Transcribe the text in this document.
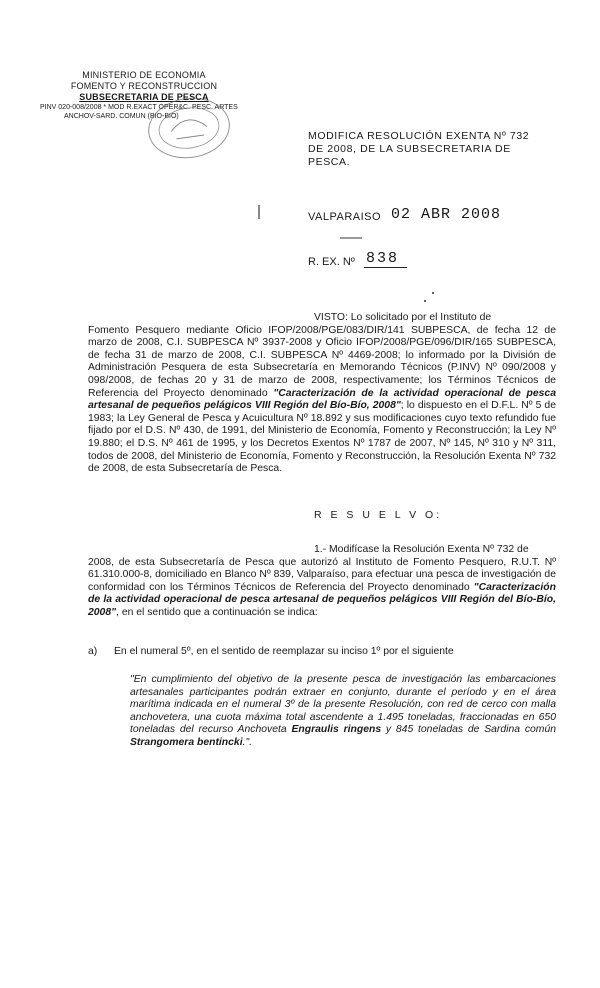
MINISTERIO DE ECONOMIA
FOMENTO Y RECONSTRUCCION
SUBSECRETARIA DE PESCA
PINV 020-008/2008 * MOD R.EXACT OPER&C. PESC. ARTES
ANCHOV-SARD. COMUN (BIO-BIO)
MODIFICA RESOLUCIÓN EXENTA Nº 732
DE 2008, DE LA SUBSECRETARIA DE
PESCA.
VALPARAISO 02 ABR 2008
R. EX. Nº 838
VISTO: Lo solicitado por el Instituto de
Fomento Pesquero mediante Oficio IFOP/2008/PGE/083/DIR/141 SUBPESCA, de fecha 12 de marzo de 2008, C.I. SUBPESCA Nº 3937-2008 y Oficio IFOP/2008/PGE/096/DIR/165 SUBPESCA, de fecha 31 de marzo de 2008, C.I. SUBPESCA Nº 4469-2008; lo informado por la División de Administración Pesquera de esta Subsecretaría en Memorando Técnicos (P.INV) Nº 090/2008 y 098/2008, de fechas 20 y 31 de marzo de 2008, respectivamente; los Términos Técnicos de Referencia del Proyecto denominado "Caracterización de la actividad operacional de pesca artesanal de pequeños pelágicos VIII Región del Bío-Bío, 2008"; lo dispuesto en el D.F.L. Nº 5 de 1983; la Ley General de Pesca y Acuicultura Nº 18.892 y sus modificaciones cuyo texto refundido fue fijado por el D.S. Nº 430, de 1991, del Ministerio de Economía, Fomento y Reconstrucción; la Ley Nº 19.880; el D.S. Nº 461 de 1995, y los Decretos Exentos Nº 1787 de 2007, Nº 145, Nº 310 y Nº 311, todos de 2008, del Ministerio de Economía, Fomento y Reconstrucción, la Resolución Exenta Nº 732 de 2008, de esta Subsecretaría de Pesca.
R E S U E L V O:
1.- Modifícase la Resolución Exenta Nº 732 de
2008, de esta Subsecretaría de Pesca que autorizó al Instituto de Fomento Pesquero, R.U.T. Nº 61.310.000-8, domiciliado en Blanco Nº 839, Valparaíso, para efectuar una pesca de investigación de conformidad con los Términos Técnicos de Referencia del Proyecto denominado "Caracterización de la actividad operacional de pesca artesanal de pequeños pelágicos VIII Región del Bío-Bío, 2008", en el sentido que a continuación se indica:
a) En el numeral 5º, en el sentido de reemplazar su inciso 1º por el siguiente
"En cumplimiento del objetivo de la presente pesca de investigación las embarcaciones artesanales participantes podrán extraer en conjunto, durante el período y en el área marítima indicada en el numeral 3º de la presente Resolución, con red de cerco con malla anchovetera, una cuota máxima total ascendente a 1.495 toneladas, fraccionadas en 650 toneladas del recurso Anchoveta Engraulis ringens y 845 toneladas de Sardina común Strangomera bentincki.".
